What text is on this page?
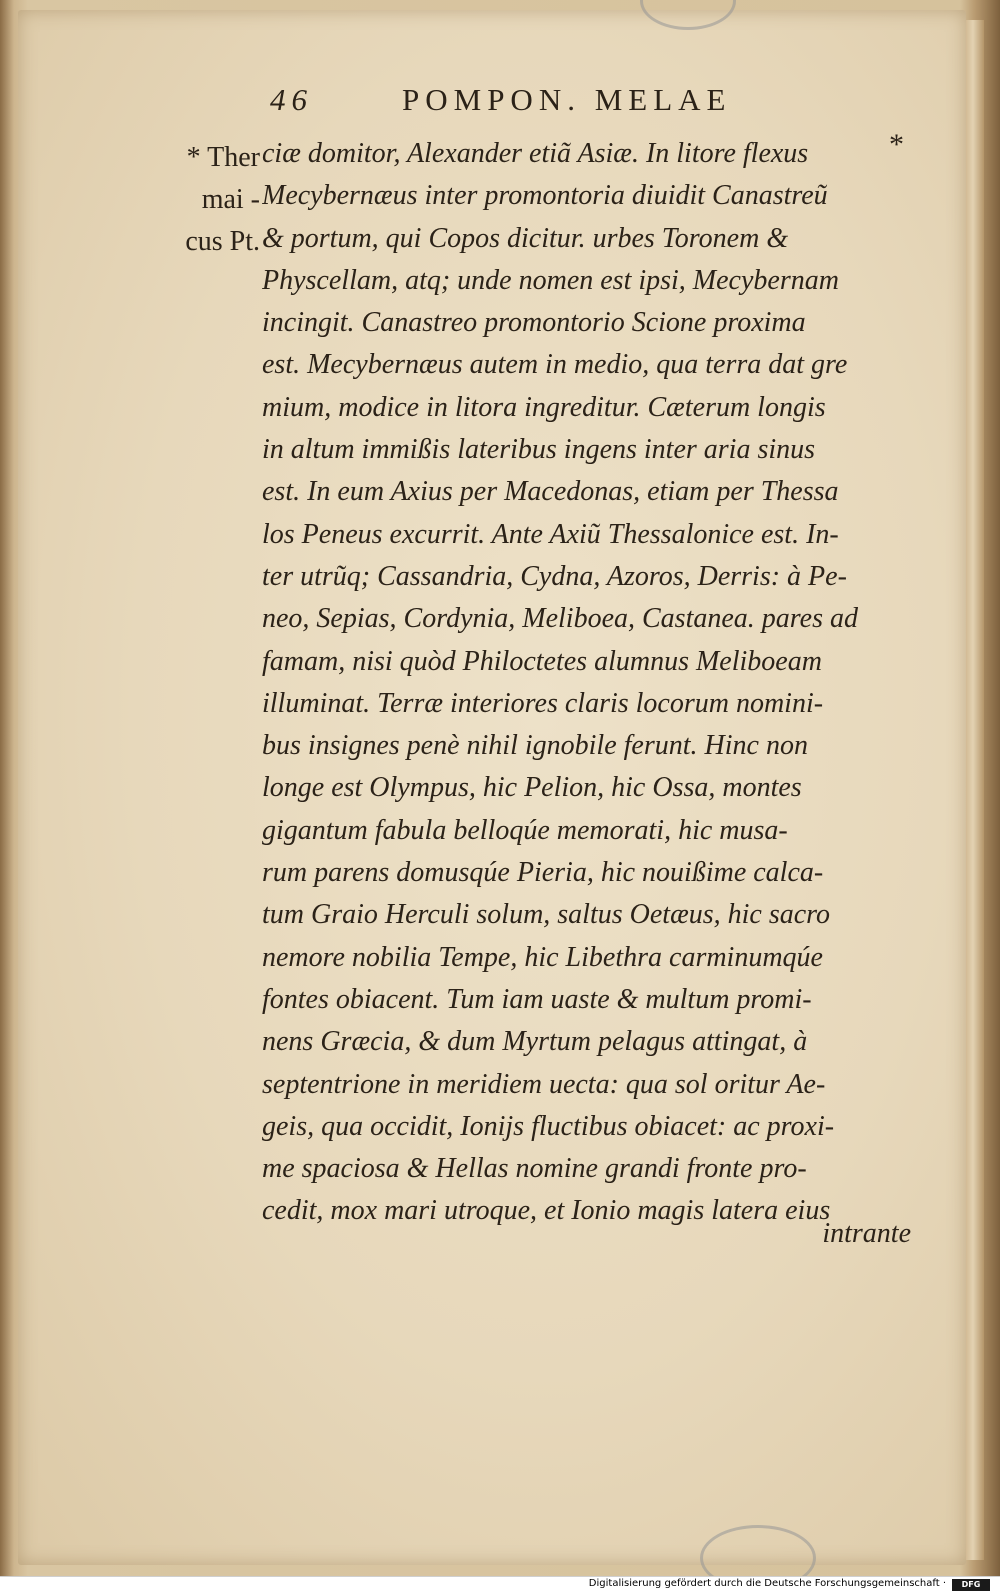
46	POMPON. MELAE
* Ther
mai -
cus Pt.
*
ciæ domitor, Alexander etiã Asiæ. In litore flexus
Mecybernæus inter promontoria diuidit Canastreũ
& portum, qui Copos dicitur. urbes Toronem &
Physcellam, atq; unde nomen est ipsi, Mecybernam
incingit. Canastreo promontorio Scione proxima
est. Mecybernæus autem in medio, qua terra dat gre
mium, modice in litora ingreditur. Cæterum longis
in altum immißis lateribus ingens inter aria sinus
est. In eum Axius per Macedonas, etiam per Thessa
los Peneus excurrit. Ante Axiũ Thessalonice est. In-
ter utrũq; Cassandria, Cydna, Azoros, Derris: à Pe-
neo, Sepias, Cordynia, Meliboea, Castanea. pares ad
famam, nisi quòd Philoctetes alumnus Meliboeam
illuminat. Terræ interiores claris locorum nomini-
bus insignes penè nihil ignobile ferunt. Hinc non
longe est Olympus, hic Pelion, hic Ossa, montes
gigantum fabula belloqúe memorati, hic musa-
rum parens domusqúe Pieria, hic nouißime calca-
tum Graio Herculi solum, saltus Oetæus, hic sacro
nemore nobilia Tempe, hic Libethra carminumqúe
fontes obiacent. Tum iam uaste & multum promi-
nens Græcia, & dum Myrtum pelagus attingat, à
septentrione in meridiem uecta: qua sol oritur Ae-
geis, qua occidit, Ionijs fluctibus obiacet: ac proxi-
me spaciosa & Hellas nomine grandi fronte pro-
cedit, mox mari utroque, et Ionio magis latera eius
intrante
Digitalisierung gefördert durch die Deutsche Forschungsgemeinschaft ·	DFG
